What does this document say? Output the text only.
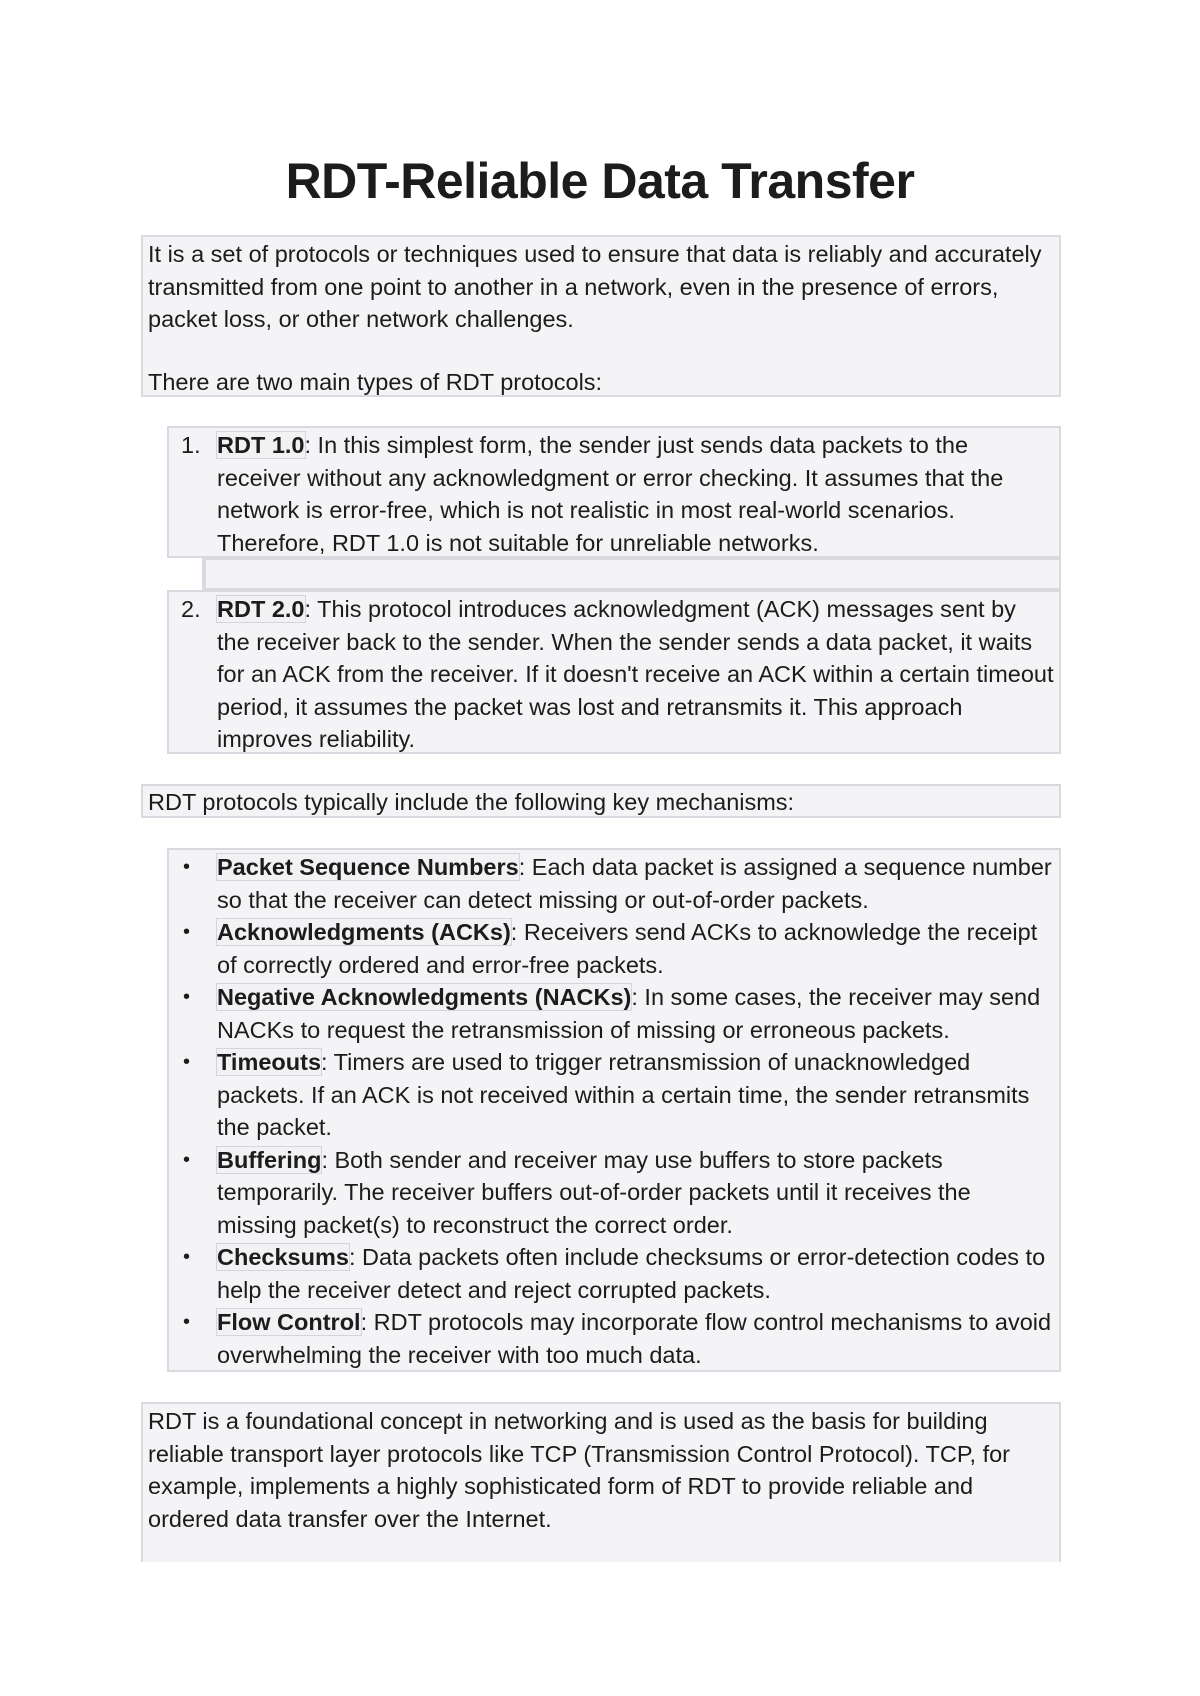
RDT-Reliable Data Transfer

It is a set of protocols or techniques used to ensure that data is reliably and accurately transmitted from one point to another in a network, even in the presence of errors, packet loss, or other network challenges.

There are two main types of RDT protocols:

1. RDT 1.0: In this simplest form, the sender just sends data packets to the receiver without any acknowledgment or error checking. It assumes that the network is error-free, which is not realistic in most real-world scenarios. Therefore, RDT 1.0 is not suitable for unreliable networks.
2. RDT 2.0: This protocol introduces acknowledgment (ACK) messages sent by the receiver back to the sender. When the sender sends a data packet, it waits for an ACK from the receiver. If it doesn't receive an ACK within a certain timeout period, it assumes the packet was lost and retransmits it. This approach improves reliability.

RDT protocols typically include the following key mechanisms:

• Packet Sequence Numbers: Each data packet is assigned a sequence number so that the receiver can detect missing or out-of-order packets.
• Acknowledgments (ACKs): Receivers send ACKs to acknowledge the receipt of correctly ordered and error-free packets.
• Negative Acknowledgments (NACKs): In some cases, the receiver may send NACKs to request the retransmission of missing or erroneous packets.
• Timeouts: Timers are used to trigger retransmission of unacknowledged packets. If an ACK is not received within a certain time, the sender retransmits the packet.
• Buffering: Both sender and receiver may use buffers to store packets temporarily. The receiver buffers out-of-order packets until it receives the missing packet(s) to reconstruct the correct order.
• Checksums: Data packets often include checksums or error-detection codes to help the receiver detect and reject corrupted packets.
• Flow Control: RDT protocols may incorporate flow control mechanisms to avoid overwhelming the receiver with too much data.

RDT is a foundational concept in networking and is used as the basis for building reliable transport layer protocols like TCP (Transmission Control Protocol). TCP, for example, implements a highly sophisticated form of RDT to provide reliable and ordered data transfer over the Internet.
